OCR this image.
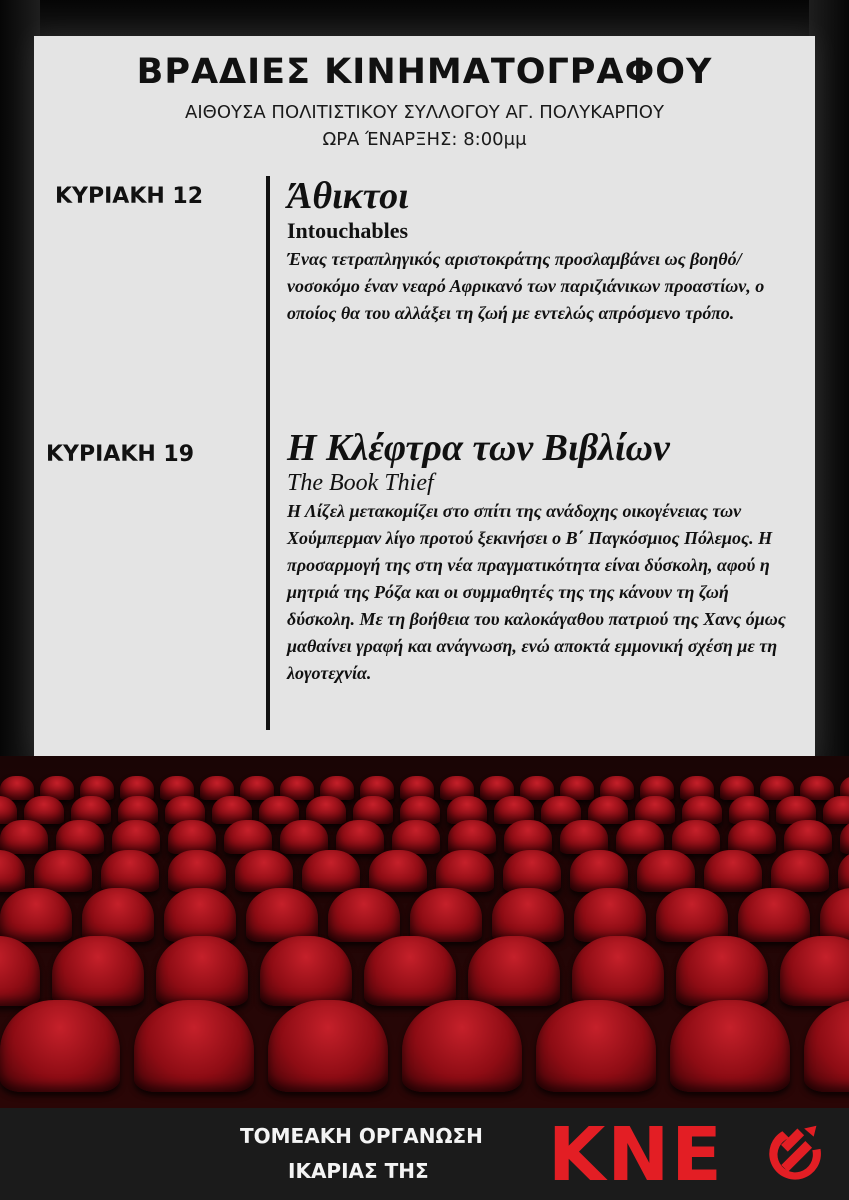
ΒΡΑΔΙΕΣ ΚΙΝΗΜΑΤΟΓΡΑΦΟΥ
ΑΙΘΟΥΣΑ ΠΟΛΙΤΙΣΤΙΚΟΥ ΣΥΛΛΟΓΟΥ ΑΓ. ΠΟΛΥΚΑΡΠΟΥ
ΩΡΑ ΈΝΑΡΞΗΣ: 8:00μμ
ΚΥΡΙΑΚΗ 12
ΚΥΡΙΑΚΗ 19
Άθικτοι
Intouchables
Ένας τετραπληγικός αριστοκράτης προσλαμβάνει ως βοηθό/νοσοκόμο έναν νεαρό Αφρικανό των παριζιάνικων προαστίων, ο οποίος θα του αλλάξει τη ζωή με εντελώς απρόσμενο τρόπο.
Η Κλέφτρα των Βιβλίων
The Book Thief
Η Λίζελ μετακομίζει στο σπίτι της ανάδοχης οικογένειας των Χούμπερμαν λίγο προτού ξεκινήσει ο Β΄ Παγκόσμιος Πόλεμος. Η προσαρμογή της στη νέα πραγματικότητα είναι δύσκολη, αφού η μητριά της Ρόζα και οι συμμαθητές της της κάνουν τη ζωή δύσκολη. Με τη βοήθεια του καλοκάγαθου πατριού της Χανς όμως μαθαίνει γραφή και ανάγνωση, ενώ αποκτά εμμονική σχέση με τη λογοτεχνία.
ΤΟΜΕΑΚΗ ΟΡΓΑΝΩΣΗ
ΙΚΑΡΙΑΣ ΤΗΣ	ΚΝΕ
